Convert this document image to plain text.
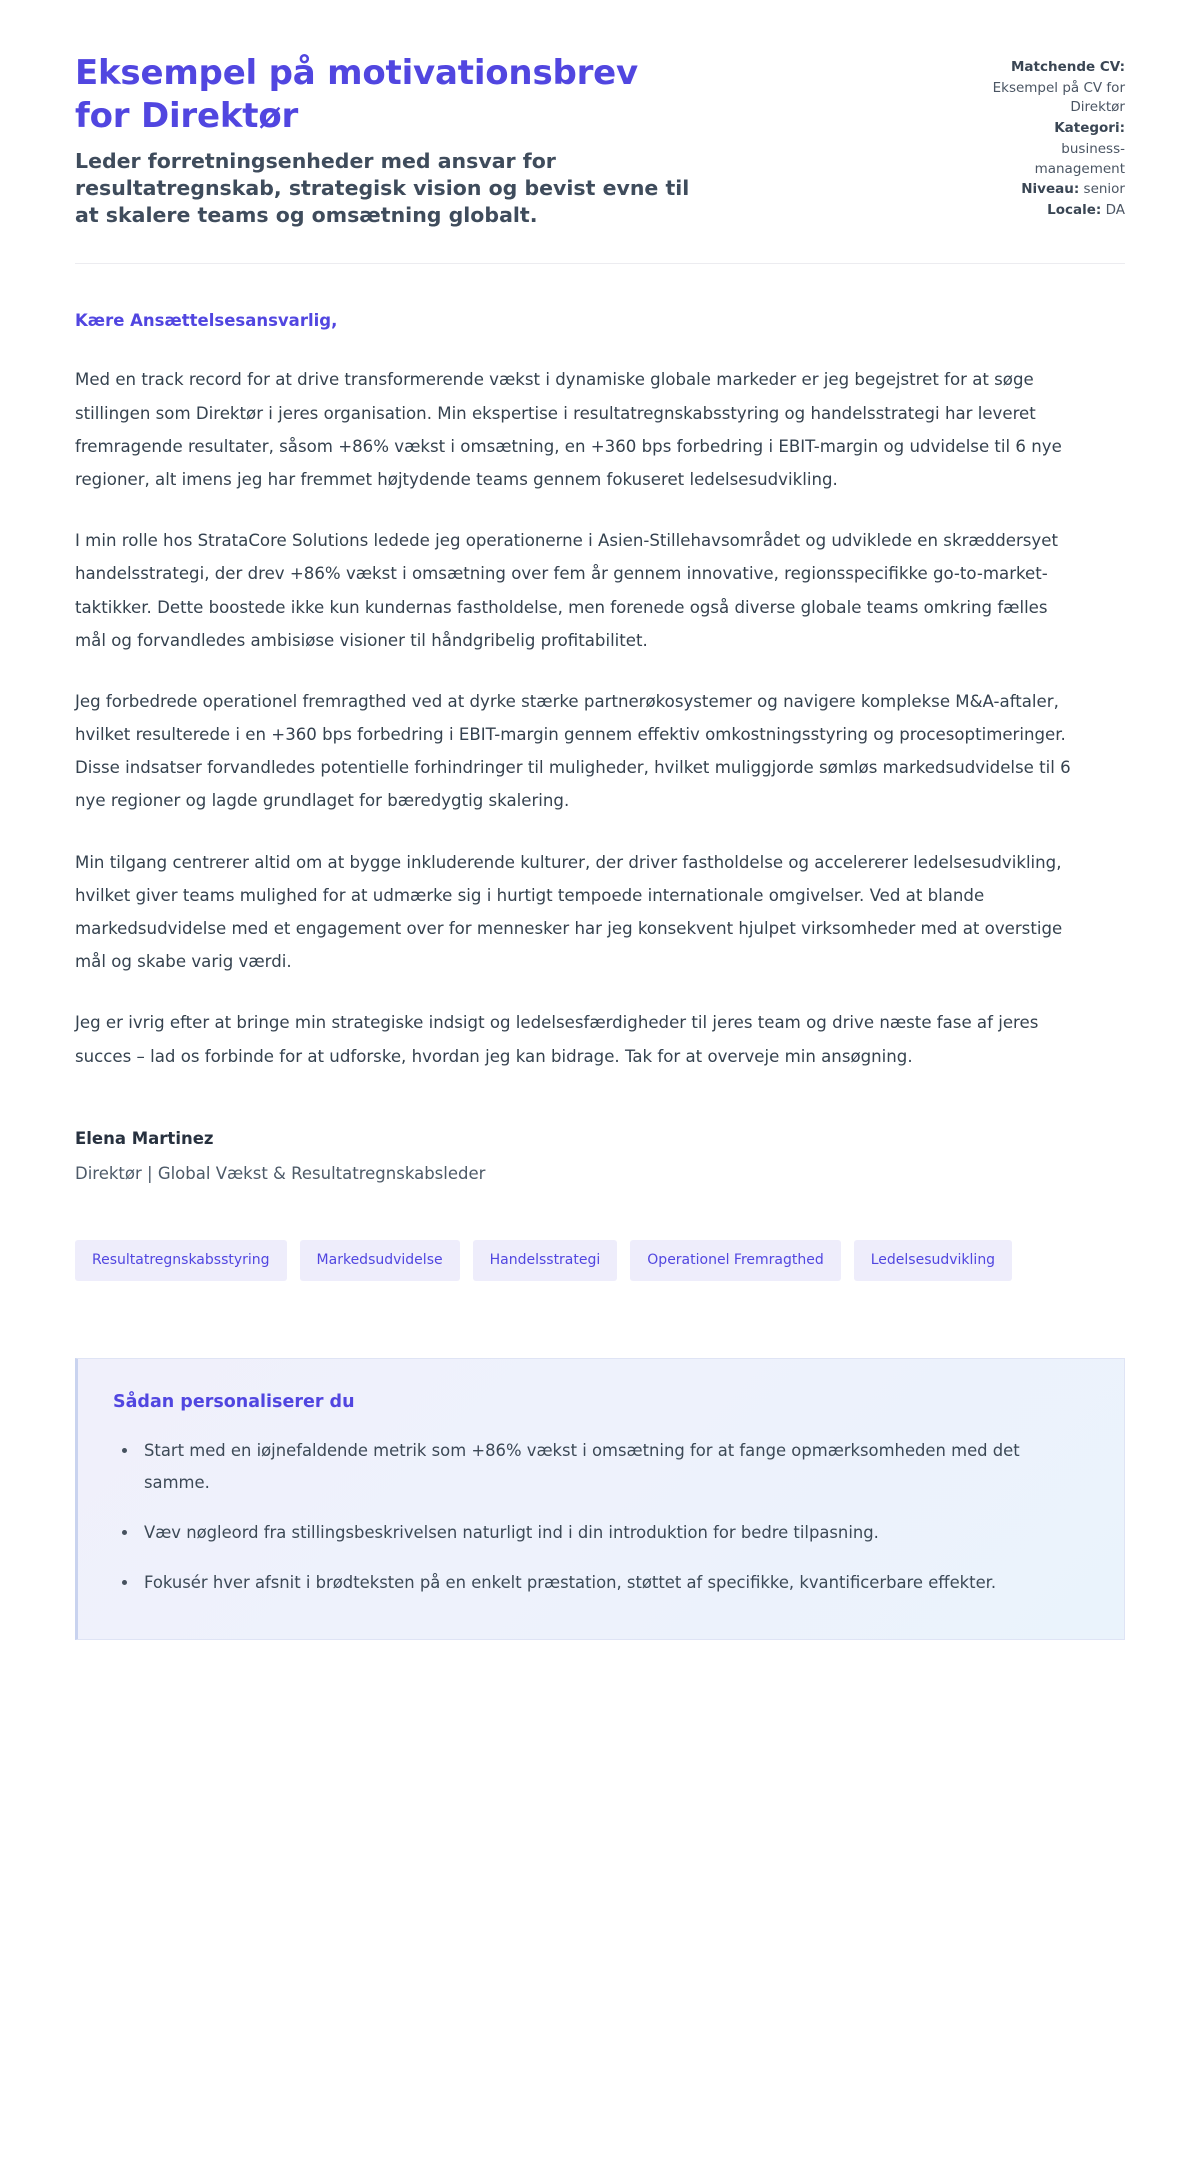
Eksempel på motivationsbrev for Direktør

Leder forretningsenheder med ansvar for resultatregnskab, strategisk vision og bevist evne til at skalere teams og omsætning globalt.

Matchende CV:
Eksempel på CV for Direktør
Kategori:
business-management
Niveau: senior
Locale: DA

Kære Ansættelsesansvarlig,

Med en track record for at drive transformerende vækst i dynamiske globale markeder er jeg begejstret for at søge stillingen som Direktør i jeres organisation. Min ekspertise i resultatregnskabsstyring og handelsstrategi har leveret fremragende resultater, såsom +86% vækst i omsætning, en +360 bps forbedring i EBIT-margin og udvidelse til 6 nye regioner, alt imens jeg har fremmet højtydende teams gennem fokuseret ledelsesudvikling.

I min rolle hos StrataCore Solutions ledede jeg operationerne i Asien-Stillehavsområdet og udviklede en skræddersyet handelsstrategi, der drev +86% vækst i omsætning over fem år gennem innovative, regionsspecifikke go-to-market-taktikker. Dette boostede ikke kun kundernas fastholdelse, men forenede også diverse globale teams omkring fælles mål og forvandledes ambisiøse visioner til håndgribelig profitabilitet.

Jeg forbedrede operationel fremragthed ved at dyrke stærke partnerøkosystemer og navigere komplekse M&A-aftaler, hvilket resulterede i en +360 bps forbedring i EBIT-margin gennem effektiv omkostningsstyring og procesoptimeringer. Disse indsatser forvandledes potentielle forhindringer til muligheder, hvilket muliggjorde sømløs markedsudvidelse til 6 nye regioner og lagde grundlaget for bæredygtig skalering.

Min tilgang centrerer altid om at bygge inkluderende kulturer, der driver fastholdelse og accelererer ledelsesudvikling, hvilket giver teams mulighed for at udmærke sig i hurtigt tempoede internationale omgivelser. Ved at blande markedsudvidelse med et engagement over for mennesker har jeg konsekvent hjulpet virksomheder med at overstige mål og skabe varig værdi.

Jeg er ivrig efter at bringe min strategiske indsigt og ledelsesfærdigheder til jeres team og drive næste fase af jeres succes – lad os forbinde for at udforske, hvordan jeg kan bidrage. Tak for at overveje min ansøgning.

Elena Martinez

Direktør | Global Vækst & Resultatregnskabsleder

Resultatregnskabsstyring	Markedsudvidelse	Handelsstrategi	Operationel Fremragthed	Ledelsesudvikling
Sådan personaliserer du
Start med en iøjnefaldende metrik som +86% vækst i omsætning for at fange opmærksomheden med det samme.
Væv nøgleord fra stillingsbeskrivelsen naturligt ind i din introduktion for bedre tilpasning.
Fokusér hver afsnit i brødteksten på en enkelt præstation, støttet af specifikke, kvantificerbare effekter.
